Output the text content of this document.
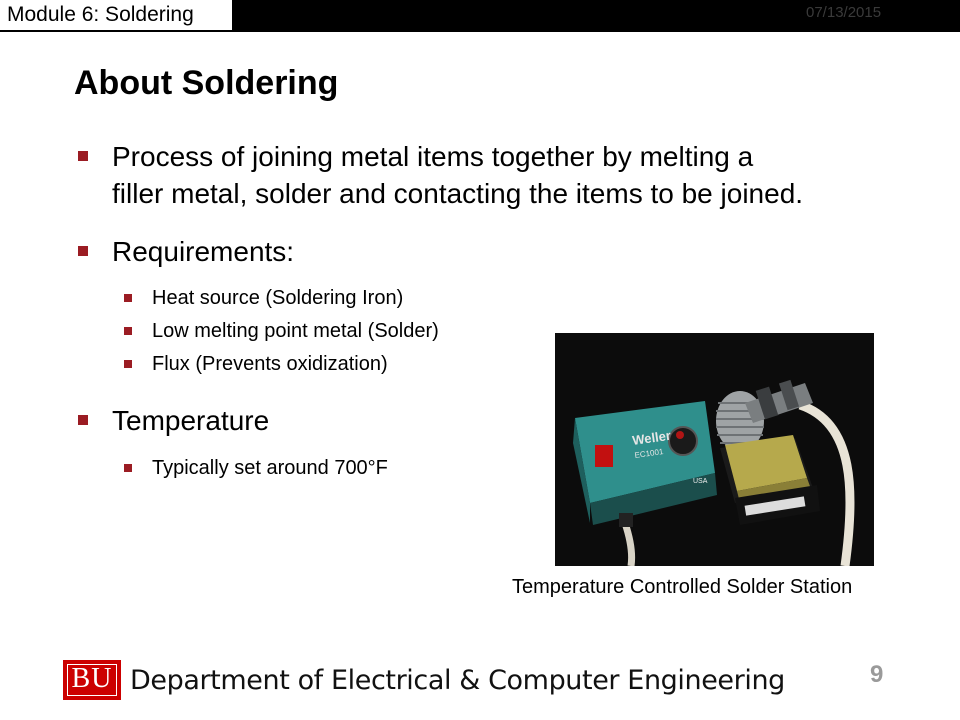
Module 6: Soldering	07/13/2015
About Soldering
Process of joining metal items together by melting a
filler metal, solder and contacting the items to be joined.
Requirements:
Heat source (Soldering Iron)
Low melting point metal (Solder)
Flux (Prevents oxidization)
Temperature
Typically set around 700°F
Weller
EC1001
USA
Temperature Controlled Solder Station
BU Department of Electrical & Computer Engineering	9
